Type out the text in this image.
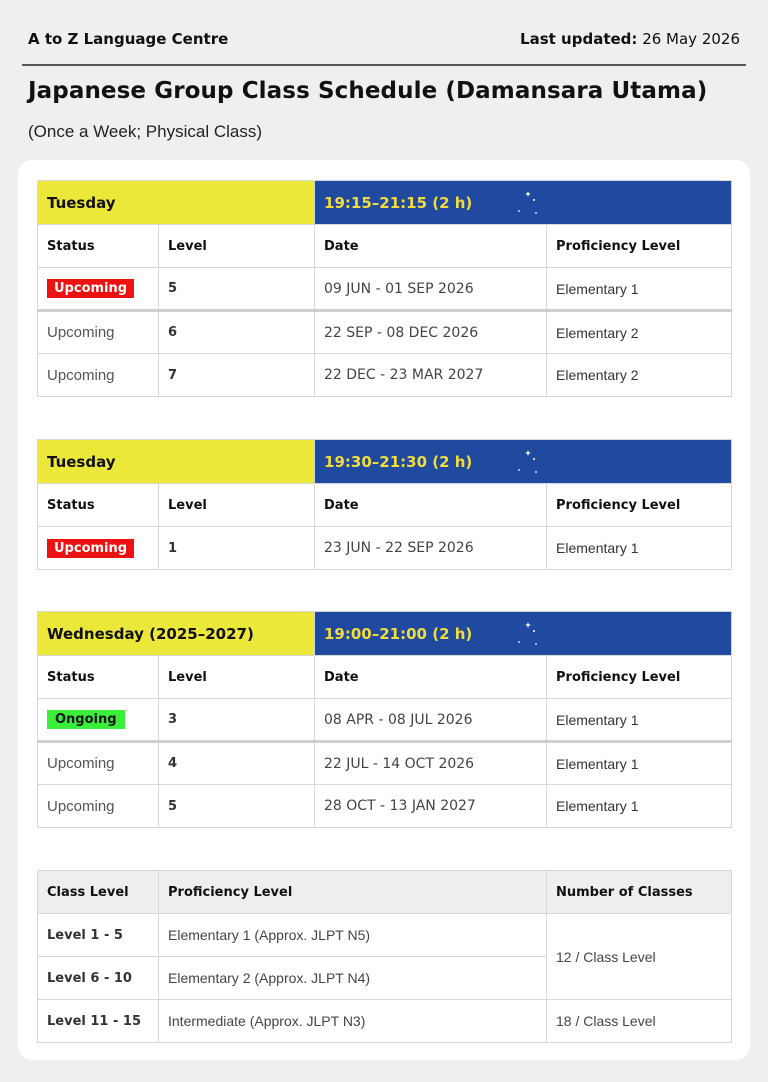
A to Z Language Centre	Last updated: 26 May 2026
Japanese Group Class Schedule (Damansara Utama)
(Once a Week; Physical Class)
Tuesday		19:15–21:15 (2 h)	

Status	Level	Date	Proficiency Level
Upcoming	5	09 JUN - 01 SEP 2026	Elementary 1
Upcoming	6	22 SEP - 08 DEC 2026	Elementary 2
Upcoming	7	22 DEC - 23 MAR 2027	Elementary 2
Tuesday		19:30–21:30 (2 h)	

Status	Level	Date	Proficiency Level
Upcoming	1	23 JUN - 22 SEP 2026	Elementary 1
Wednesday (2025–2027)		19:00–21:00 (2 h)	

Status	Level	Date	Proficiency Level
Ongoing	3	08 APR - 08 JUL 2026	Elementary 1
Upcoming	4	22 JUL - 14 OCT 2026	Elementary 1
Upcoming	5	28 OCT - 13 JAN 2027	Elementary 1
Class Level	Proficiency Level	Number of Classes
Level 1 - 5	Elementary 1 (Approx. JLPT N5)	12 / Class Level
Level 6 - 10	Elementary 2 (Approx. JLPT N4)	
Level 11 - 15	Intermediate (Approx. JLPT N3)	18 / Class Level
